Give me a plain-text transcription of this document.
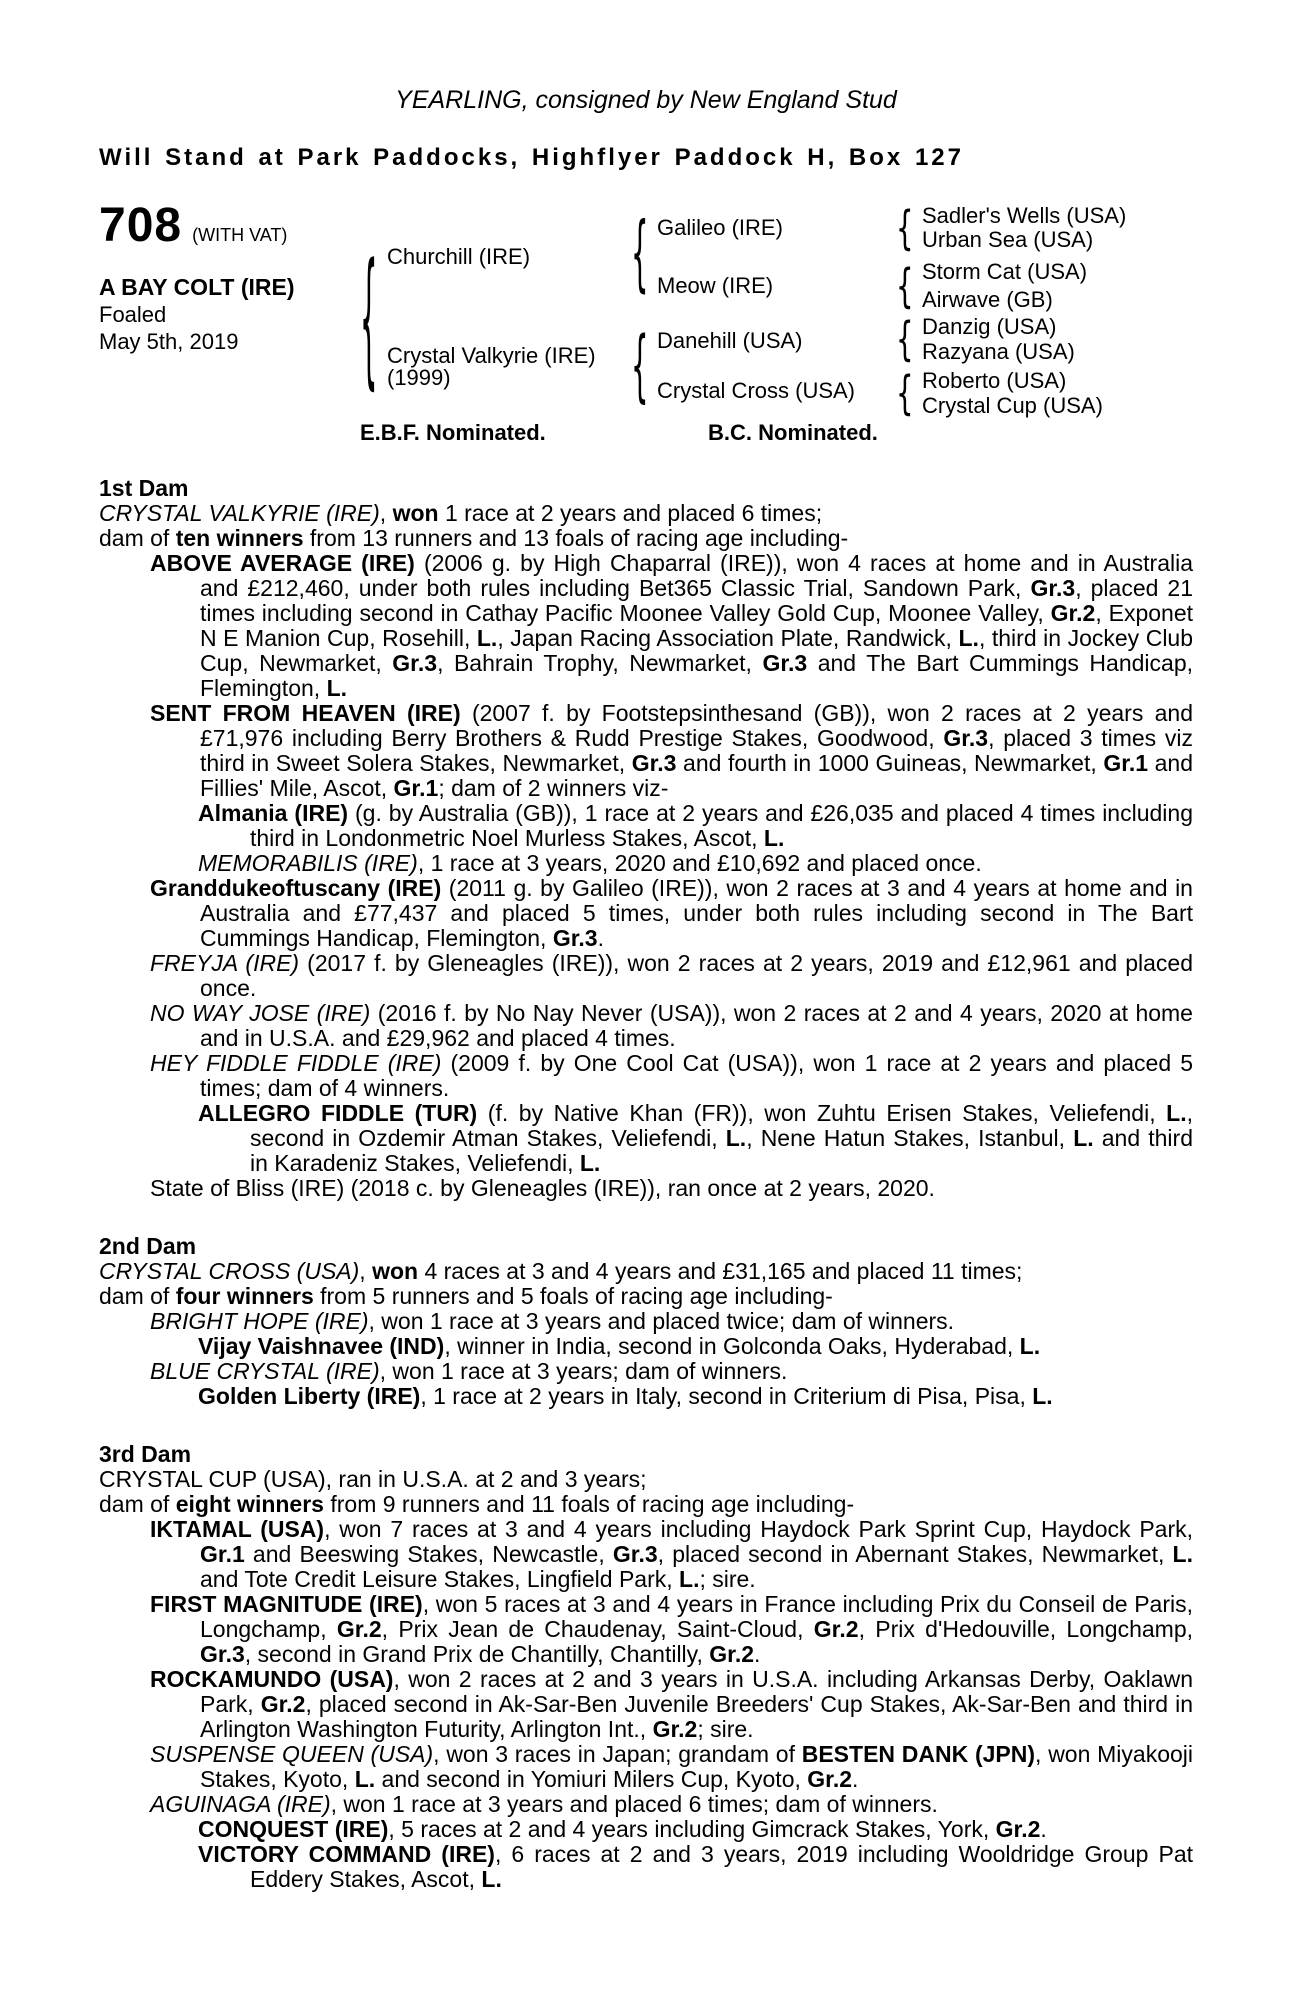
YEARLING, consigned by New England Stud
Will Stand at Park Paddocks, Highflyer Paddock H, Box 127
708 (WITH VAT)
A BAY COLT (IRE)
Foaled
May 5th, 2019
{
{
{
{
{
{
{
Churchill (IRE)
Crystal Valkyrie (IRE)
(1999)
Galileo (IRE)
Meow (IRE)
Danehill (USA)
Crystal Cross (USA)
Sadler's Wells (USA)
Urban Sea (USA)
Storm Cat (USA)
Airwave (GB)
Danzig (USA)
Razyana (USA)
Roberto (USA)
Crystal Cup (USA)
E.B.F. Nominated.	B.C. Nominated.

1st Dam

CRYSTAL VALKYRIE (IRE), won 1 race at 2 years and placed 6 times;

dam of ten winners from 13 runners and 13 foals of racing age including-

ABOVE AVERAGE (IRE) (2006 g. by High Chaparral (IRE)), won 4 races at home and in Australia and £212,460, under both rules including Bet365 Classic Trial, Sandown Park, Gr.3, placed 21 times including second in Cathay Pacific Moonee Valley Gold Cup, Moonee Valley, Gr.2, Exponet N E Manion Cup, Rosehill, L., Japan Racing Association Plate, Randwick, L., third in Jockey Club Cup, Newmarket, Gr.3, Bahrain Trophy, Newmarket, Gr.3 and The Bart Cummings Handicap, Flemington, L.

SENT FROM HEAVEN (IRE) (2007 f. by Footstepsinthesand (GB)), won 2 races at 2 years and £71,976 including Berry Brothers & Rudd Prestige Stakes, Goodwood, Gr.3, placed 3 times viz third in Sweet Solera Stakes, Newmarket, Gr.3 and fourth in 1000 Guineas, Newmarket, Gr.1 and Fillies' Mile, Ascot, Gr.1; dam of 2 winners viz-

Almania (IRE) (g. by Australia (GB)), 1 race at 2 years and £26,035 and placed 4 times including third in Londonmetric Noel Murless Stakes, Ascot, L.

MEMORABILIS (IRE), 1 race at 3 years, 2020 and £10,692 and placed once.

Granddukeoftuscany (IRE) (2011 g. by Galileo (IRE)), won 2 races at 3 and 4 years at home and in Australia and £77,437 and placed 5 times, under both rules including second in The Bart Cummings Handicap, Flemington, Gr.3.

FREYJA (IRE) (2017 f. by Gleneagles (IRE)), won 2 races at 2 years, 2019 and £12,961 and placed once.

NO WAY JOSE (IRE) (2016 f. by No Nay Never (USA)), won 2 races at 2 and 4 years, 2020 at home and in U.S.A. and £29,962 and placed 4 times.

HEY FIDDLE FIDDLE (IRE) (2009 f. by One Cool Cat (USA)), won 1 race at 2 years and placed 5 times; dam of 4 winners.

ALLEGRO FIDDLE (TUR) (f. by Native Khan (FR)), won Zuhtu Erisen Stakes, Veliefendi, L., second in Ozdemir Atman Stakes, Veliefendi, L., Nene Hatun Stakes, Istanbul, L. and third in Karadeniz Stakes, Veliefendi, L.

State of Bliss (IRE) (2018 c. by Gleneagles (IRE)), ran once at 2 years, 2020.

2nd Dam

CRYSTAL CROSS (USA), won 4 races at 3 and 4 years and £31,165 and placed 11 times;

dam of four winners from 5 runners and 5 foals of racing age including-

BRIGHT HOPE (IRE), won 1 race at 3 years and placed twice; dam of winners.

Vijay Vaishnavee (IND), winner in India, second in Golconda Oaks, Hyderabad, L.

BLUE CRYSTAL (IRE), won 1 race at 3 years; dam of winners.

Golden Liberty (IRE), 1 race at 2 years in Italy, second in Criterium di Pisa, Pisa, L.

3rd Dam

CRYSTAL CUP (USA), ran in U.S.A. at 2 and 3 years;

dam of eight winners from 9 runners and 11 foals of racing age including-

IKTAMAL (USA), won 7 races at 3 and 4 years including Haydock Park Sprint Cup, Haydock Park, Gr.1 and Beeswing Stakes, Newcastle, Gr.3, placed second in Abernant Stakes, Newmarket, L. and Tote Credit Leisure Stakes, Lingfield Park, L.; sire.

FIRST MAGNITUDE (IRE), won 5 races at 3 and 4 years in France including Prix du Conseil de Paris, Longchamp, Gr.2, Prix Jean de Chaudenay, Saint-Cloud, Gr.2, Prix d'Hedouville, Longchamp, Gr.3, second in Grand Prix de Chantilly, Chantilly, Gr.2.

ROCKAMUNDO (USA), won 2 races at 2 and 3 years in U.S.A. including Arkansas Derby, Oaklawn Park, Gr.2, placed second in Ak-Sar-Ben Juvenile Breeders' Cup Stakes, Ak-Sar-Ben and third in Arlington Washington Futurity, Arlington Int., Gr.2; sire.

SUSPENSE QUEEN (USA), won 3 races in Japan; grandam of BESTEN DANK (JPN), won Miyakooji Stakes, Kyoto, L. and second in Yomiuri Milers Cup, Kyoto, Gr.2.

AGUINAGA (IRE), won 1 race at 3 years and placed 6 times; dam of winners.

CONQUEST (IRE), 5 races at 2 and 4 years including Gimcrack Stakes, York, Gr.2.

VICTORY COMMAND (IRE), 6 races at 2 and 3 years, 2019 including Wooldridge Group Pat Eddery Stakes, Ascot, L.
